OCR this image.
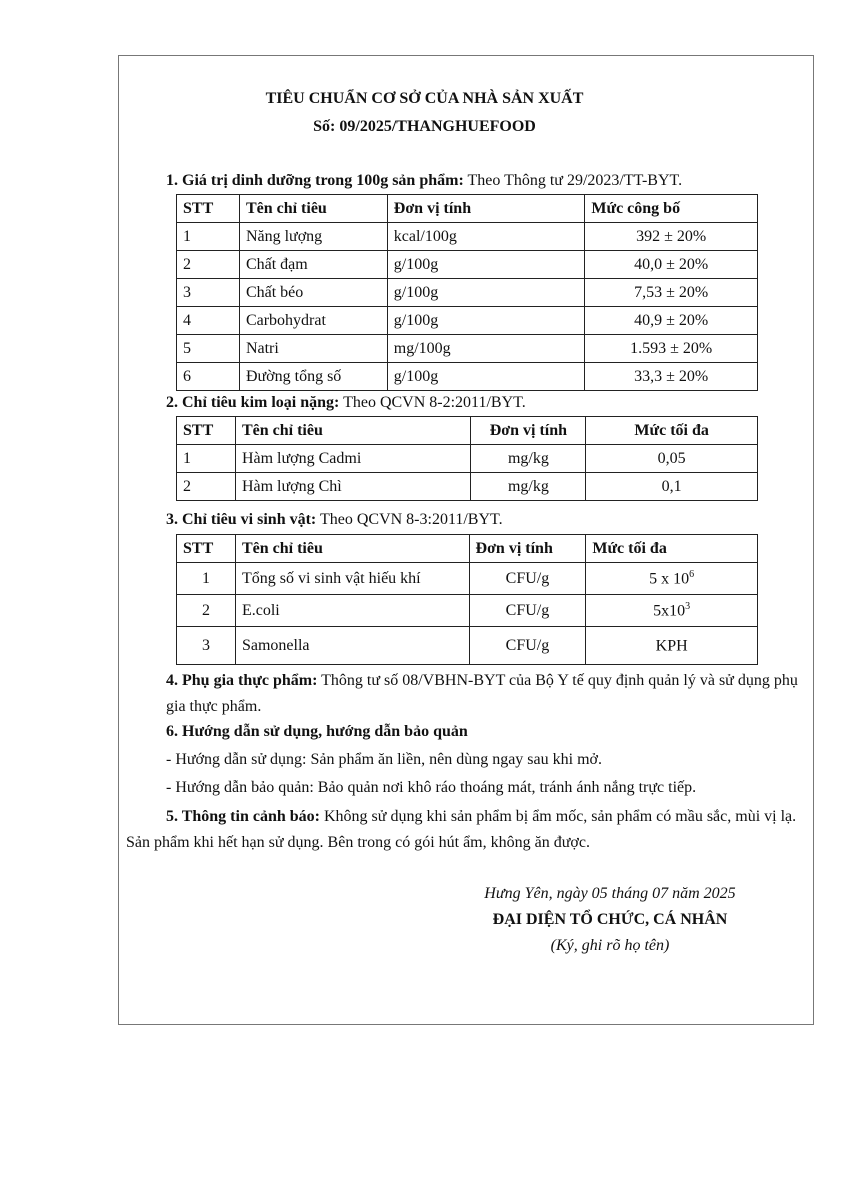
TIÊU CHUẨN CƠ SỞ CỦA NHÀ SẢN XUẤT
Số: 09/2025/THANGHUEFOOD
1. Giá trị dinh dưỡng trong 100g sản phẩm: Theo Thông tư 29/2023/TT-BYT.
STT	Tên chỉ tiêu	Đơn vị tính	Mức công bố
1	Năng lượng	kcal/100g	392 ± 20%
2	Chất đạm	g/100g	40,0 ± 20%
3	Chất béo	g/100g	7,53 ± 20%
4	Carbohydrat	g/100g	40,9 ± 20%
5	Natri	mg/100g	1.593 ± 20%
6	Đường tổng số	g/100g	33,3 ± 20%
2. Chỉ tiêu kim loại nặng: Theo QCVN 8-2:2011/BYT.
STT	Tên chỉ tiêu	Đơn vị tính	Mức tối đa
1	Hàm lượng Cadmi	mg/kg	0,05
2	Hàm lượng Chì	mg/kg	0,1
3. Chỉ tiêu vi sinh vật: Theo QCVN 8-3:2011/BYT.
STT	Tên chỉ tiêu	Đơn vị tính	Mức tối đa
1	Tổng số vi sinh vật hiếu khí	CFU/g	5 x $10^6$
2	E.coli	CFU/g	$5x10^3$
3	Samonella	CFU/g	KPH
4. Phụ gia thực phẩm: Thông tư số 08/VBHN-BYT của Bộ Y tế quy định quản lý và sử dụng phụ gia thực phẩm.
6. Hướng dẫn sử dụng, hướng dẫn bảo quản
- Hướng dẫn sử dụng: Sản phẩm ăn liền, nên dùng ngay sau khi mở.
- Hướng dẫn bảo quản: Bảo quản nơi khô ráo thoáng mát, tránh ánh nắng trực tiếp.
5. Thông tin cảnh báo: Không sử dụng khi sản phẩm bị ẩm mốc, sản phẩm có mầu sắc, mùi vị lạ. Sản phẩm khi hết hạn sử dụng. Bên trong có gói hút ẩm, không ăn được.
Hưng Yên, ngày 05 tháng 07 năm 2025
ĐẠI DIỆN TỔ CHỨC, CÁ NHÂN
(Ký, ghi rõ họ tên)
